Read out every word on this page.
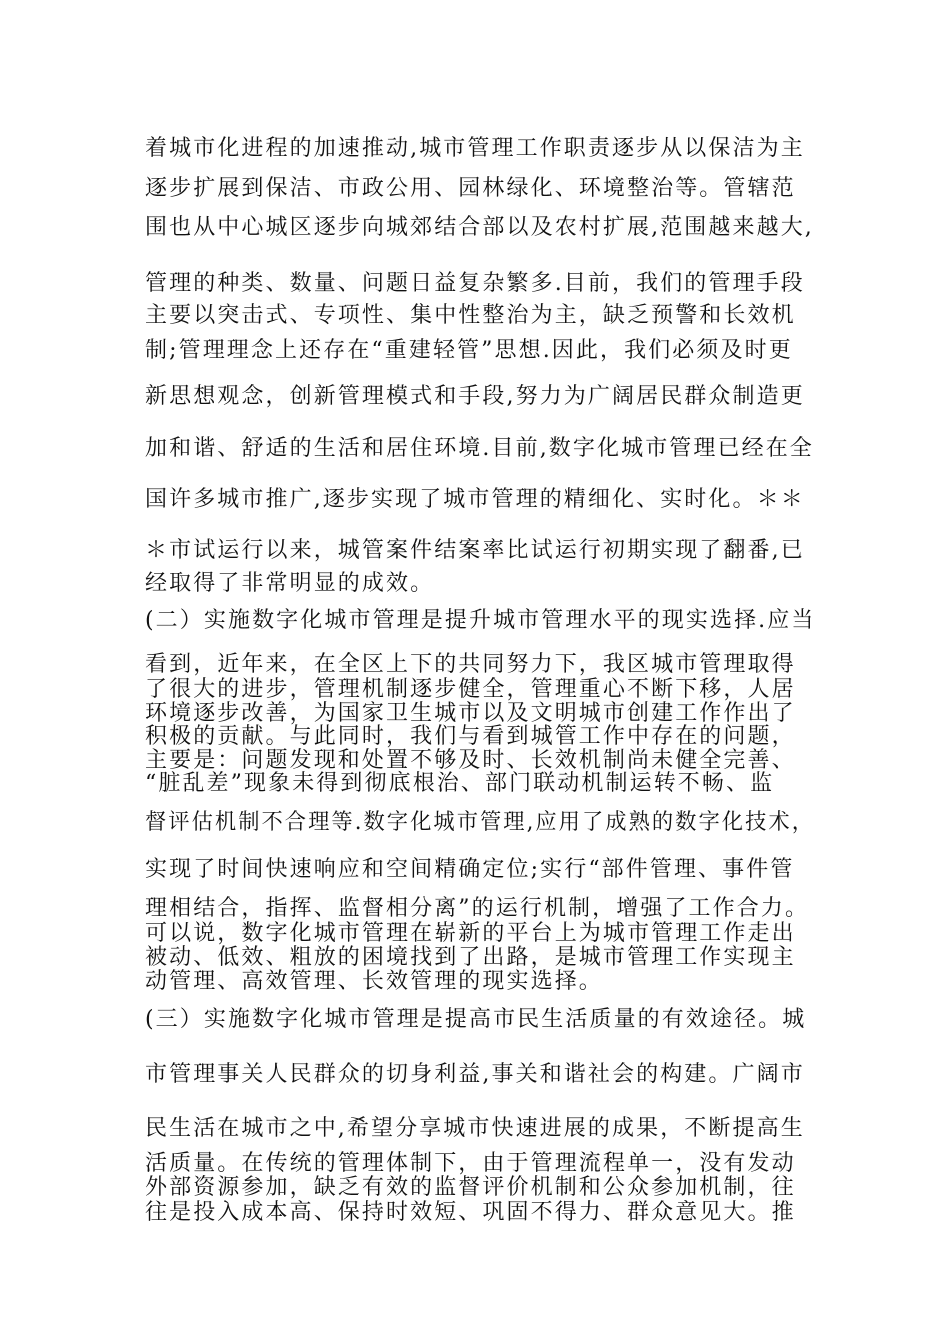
着城市化进程的加速推动,城市管理工作职责逐步从以保洁为主
逐步扩展到保洁、市政公用、园林绿化、环境整治等。管辖范
围也从中心城区逐步向城郊结合部以及农村扩展,范围越来越大,
管理的种类、数量、问题日益复杂繁多.目前，我们的管理手段
主要以突击式、专项性、集中性整治为主，缺乏预警和长效机
制;管理理念上还存在“重建轻管”思想.因此，我们必须及时更
新思想观念，创新管理模式和手段,努力为广阔居民群众制造更
加和谐、舒适的生活和居住环境.目前,数字化城市管理已经在全
国许多城市推广,逐步实现了城市管理的精细化、实时化。＊＊
＊市试运行以来，城管案件结案率比试运行初期实现了翻番,已
经取得了非常明显的成效。
(二）实施数字化城市管理是提升城市管理水平的现实选择.应当
看到，近年来，在全区上下的共同努力下，我区城市管理取得
了很大的进步，管理机制逐步健全，管理重心不断下移，人居
环境逐步改善，为国家卫生城市以及文明城市创建工作作出了
积极的贡献。与此同时，我们与看到城管工作中存在的问题，
主要是：问题发现和处置不够及时、长效机制尚未健全完善、
“脏乱差”现象未得到彻底根治、部门联动机制运转不畅、监
督评估机制不合理等.数字化城市管理,应用了成熟的数字化技术，
实现了时间快速响应和空间精确定位;实行“部件管理、事件管
理相结合，指挥、监督相分离”的运行机制，增强了工作合力。
可以说，数字化城市管理在崭新的平台上为城市管理工作走出
被动、低效、粗放的困境找到了出路，是城市管理工作实现主
动管理、高效管理、长效管理的现实选择。
(三）实施数字化城市管理是提高市民生活质量的有效途径。城
市管理事关人民群众的切身利益,事关和谐社会的构建。广阔市
民生活在城市之中,希望分享城市快速进展的成果，不断提高生
活质量。在传统的管理体制下，由于管理流程单一，没有发动
外部资源参加，缺乏有效的监督评价机制和公众参加机制，往
往是投入成本高、保持时效短、巩固不得力、群众意见大。推
